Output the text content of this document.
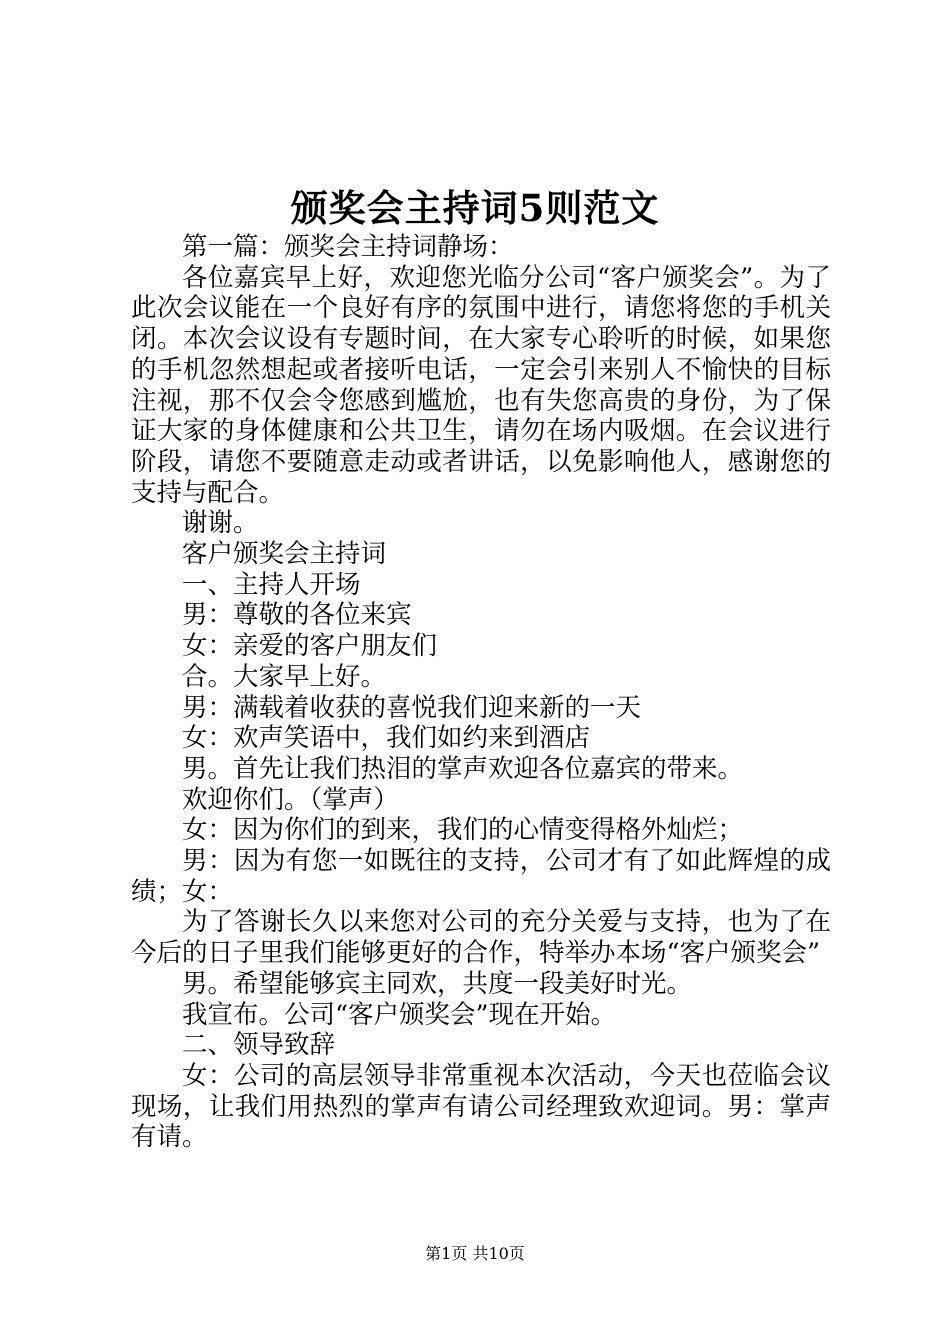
颁奖会主持词5则范文

第一篇：颁奖会主持词静场：

各位嘉宾早上好，欢迎您光临分公司“客户颁奖会”。为了此次会议能在一个良好有序的氛围中进行，请您将您的手机关闭。本次会议设有专题时间，在大家专心聆听的时候，如果您的手机忽然想起或者接听电话，一定会引来别人不愉快的目标注视，那不仅会令您感到尴尬，也有失您高贵的身份，为了保证大家的身体健康和公共卫生，请勿在场内吸烟。在会议进行阶段，请您不要随意走动或者讲话，以免影响他人，感谢您的支持与配合。

谢谢。

客户颁奖会主持词

一、主持人开场

男：尊敬的各位来宾

女：亲爱的客户朋友们

合。大家早上好。

男：满载着收获的喜悦我们迎来新的一天

女：欢声笑语中，我们如约来到酒店

男。首先让我们热泪的掌声欢迎各位嘉宾的带来。

欢迎你们。（掌声）

女：因为你们的到来，我们的心情变得格外灿烂；

男：因为有您一如既往的支持，公司才有了如此辉煌的成绩；女：

为了答谢长久以来您对公司的充分关爱与支持，也为了在今后的日子里我们能够更好的合作，特举办本场“客户颁奖会”

男。希望能够宾主同欢，共度一段美好时光。

我宣布。公司“客户颁奖会”现在开始。

二、领导致辞

女：公司的高层领导非常重视本次活动，今天也莅临会议现场，让我们用热烈的掌声有请公司经理致欢迎词。男：掌声有请。

第1页 共10页
